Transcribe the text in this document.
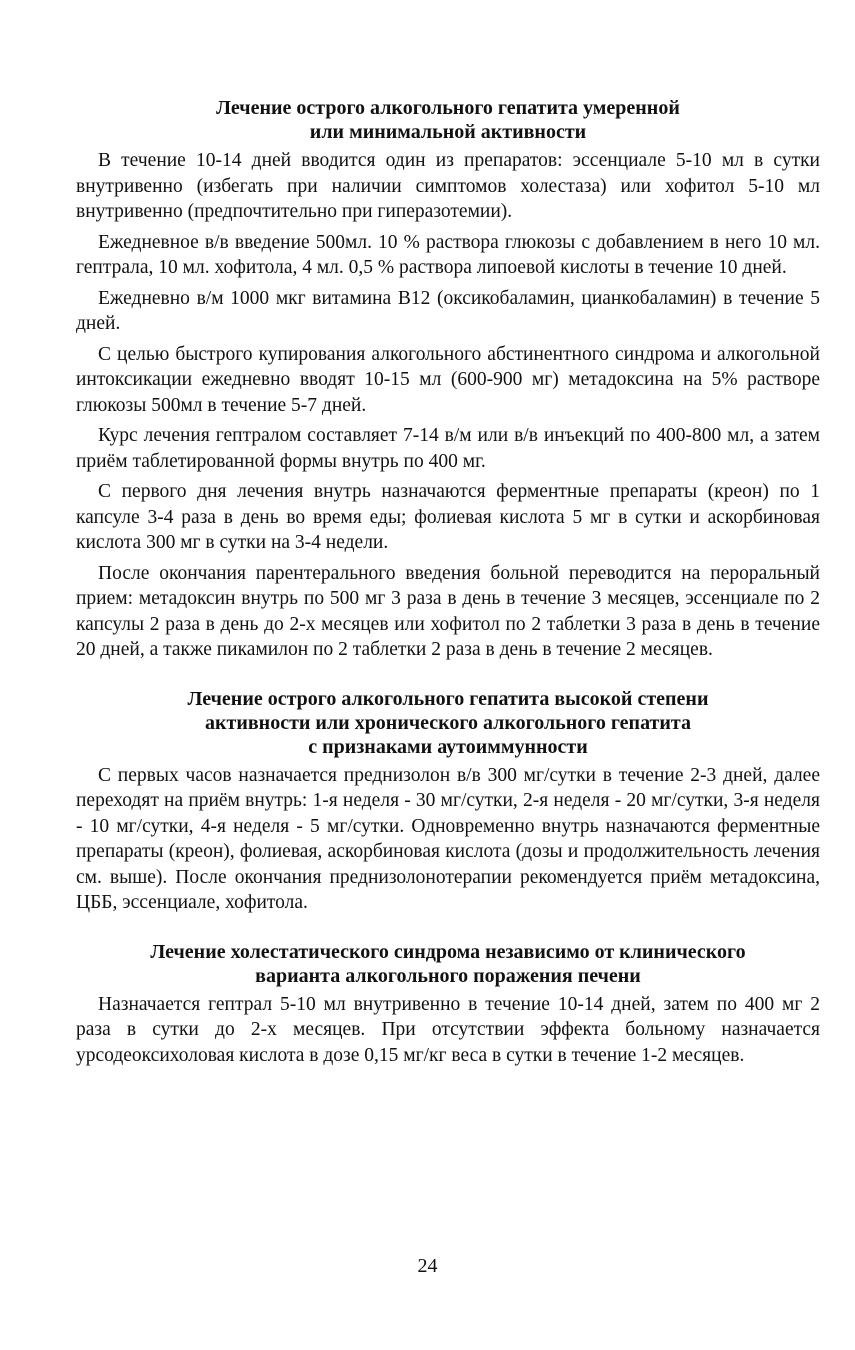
Лечение острого алкогольного гепатита умеренной
или минимальной активности

В течение 10-14 дней вводится один из препаратов: эссенциале 5-10 мл в сутки внутривенно (избегать при наличии симптомов холестаза) или хофитол 5-10 мл внутривенно (предпочтительно при гиперазотемии).

Ежедневное в/в введение 500мл. 10 % раствора глюкозы с добавлением в него 10 мл. гептрала, 10 мл. хофитола, 4 мл. 0,5 % раствора липоевой кислоты в течение 10 дней.

Ежедневно в/м 1000 мкг витамина В12 (оксикобаламин, цианкобаламин) в течение 5 дней.

С целью быстрого купирования алкогольного абстинентного синдрома и алкогольной интоксикации ежедневно вводят 10-15 мл (600-900 мг) метадоксина на 5% растворе глюкозы 500мл в течение 5-7 дней.

Курс лечения гептралом составляет 7-14 в/м или в/в инъекций по 400-800 мл, а затем приём таблетированной формы внутрь по 400 мг.

С первого дня лечения внутрь назначаются ферментные препараты (креон) по 1 капсуле 3-4 раза в день во время еды; фолиевая кислота 5 мг в сутки и аскорбиновая кислота 300 мг в сутки на 3-4 недели.

После окончания парентерального введения больной переводится на пероральный прием: метадоксин внутрь по 500 мг 3 раза в день в течение 3 месяцев, эссенциале по 2 капсулы 2 раза в день до 2-х месяцев или хофитол по 2 таблетки 3 раза в день в течение 20 дней, а также пикамилон по 2 таблетки 2 раза в день в течение 2 месяцев.

Лечение острого алкогольного гепатита высокой степени
активности или хронического алкогольного гепатита
с признаками аутоиммунности

С первых часов назначается преднизолон в/в 300 мг/сутки в течение 2-3 дней, далее переходят на приём внутрь: 1-я неделя - 30 мг/сутки, 2-я неделя - 20 мг/сутки, 3-я неделя - 10 мг/сутки, 4-я неделя - 5 мг/сутки. Одновременно внутрь назначаются ферментные препараты (креон), фолиевая, аскорбиновая кислота (дозы и продолжительность лечения см. выше). После окончания преднизолонотерапии рекомендуется приём метадоксина, ЦББ, эссенциале, хофитола.

Лечение холестатического синдрома независимо от клинического
варианта алкогольного поражения печени

Назначается гептрал 5-10 мл внутривенно в течение 10-14 дней, затем по 400 мг 2 раза в сутки до 2-х месяцев. При отсутствии эффекта больному назначается урсодеоксихоловая кислота в дозе 0,15 мг/кг веса в сутки в течение 1-2 месяцев.

24
